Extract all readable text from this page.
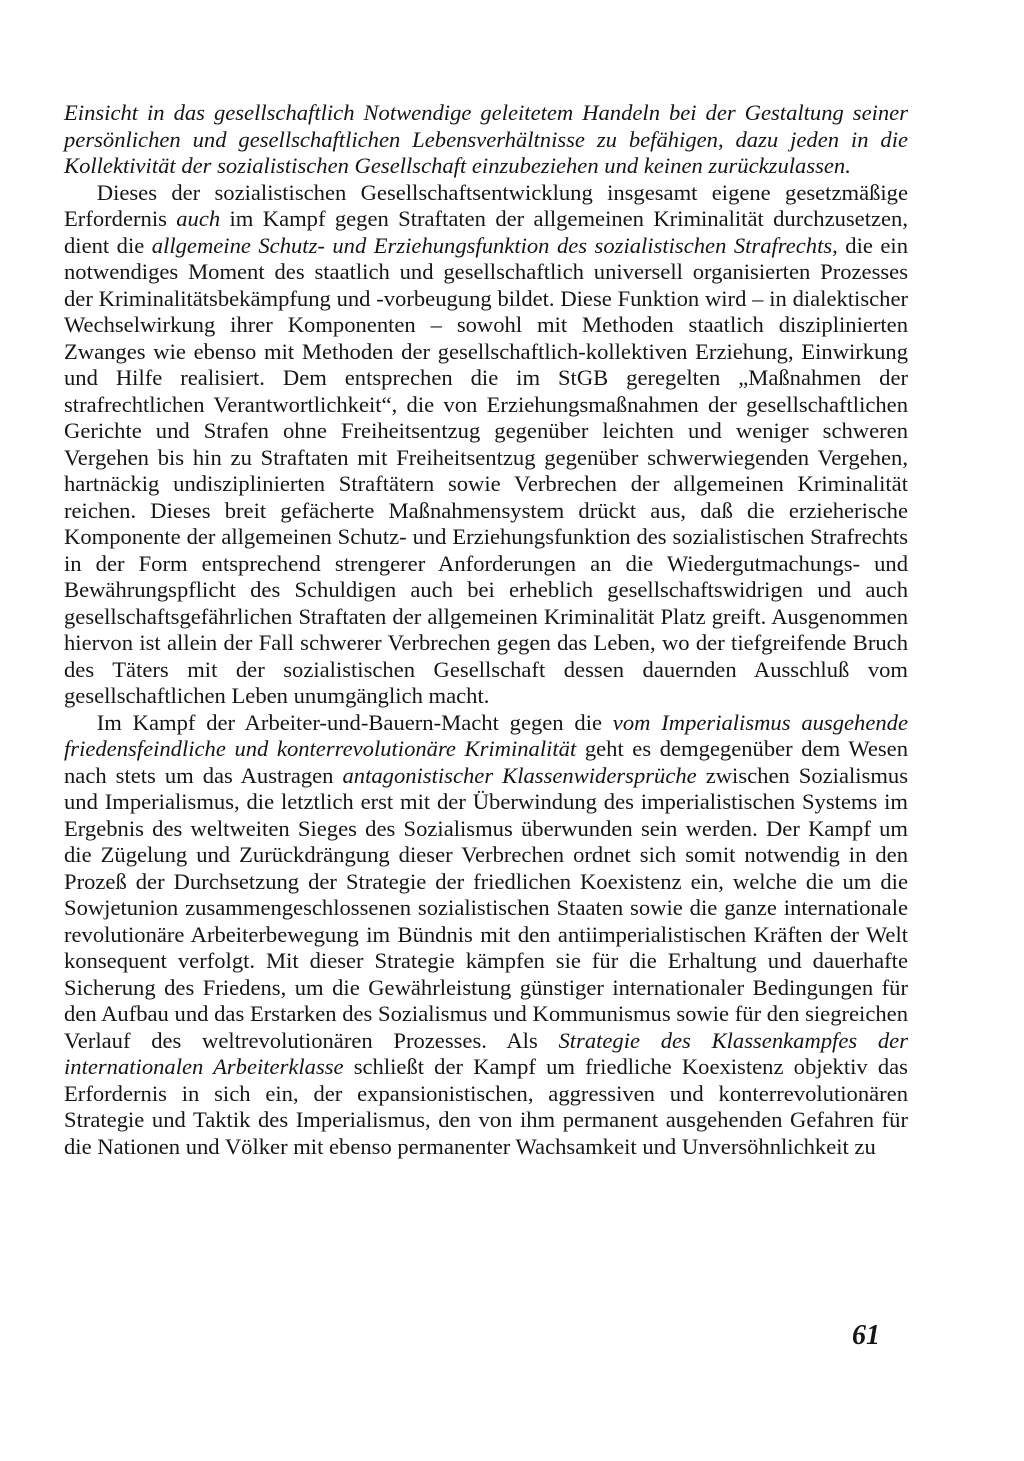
Einsicht in das gesellschaftlich Notwendige geleitetem Handeln bei der Gestaltung seiner persönlichen und gesellschaftlichen Lebensverhältnisse zu befähigen, dazu jeden in die Kollektivität der sozialistischen Gesellschaft einzubeziehen und keinen zurückzulassen.

Dieses der sozialistischen Gesellschaftsentwicklung insgesamt eigene gesetzmäßige Erfordernis auch im Kampf gegen Straftaten der allgemeinen Kriminalität durchzusetzen, dient die allgemeine Schutz- und Erziehungsfunktion des sozialistischen Strafrechts, die ein notwendiges Moment des staatlich und gesellschaftlich universell organisierten Prozesses der Kriminalitätsbekämpfung und -vorbeugung bildet. Diese Funktion wird – in dialektischer Wechselwirkung ihrer Komponenten – sowohl mit Methoden staatlich disziplinierten Zwanges wie ebenso mit Methoden der gesellschaftlich-kollektiven Erziehung, Einwirkung und Hilfe realisiert. Dem entsprechen die im StGB geregelten „Maßnahmen der strafrechtlichen Verantwortlichkeit“, die von Erziehungsmaßnahmen der gesellschaftlichen Gerichte und Strafen ohne Freiheitsentzug gegenüber leichten und weniger schweren Vergehen bis hin zu Straftaten mit Freiheitsentzug gegenüber schwerwiegenden Vergehen, hartnäckig undisziplinierten Straftätern sowie Verbrechen der allgemeinen Kriminalität reichen. Dieses breit gefächerte Maßnahmensystem drückt aus, daß die erzieherische Komponente der allgemeinen Schutz- und Erziehungsfunktion des sozialistischen Strafrechts in der Form entsprechend strengerer Anforderungen an die Wiedergutmachungs- und Bewährungspflicht des Schuldigen auch bei erheblich gesellschaftswidrigen und auch gesellschaftsgefährlichen Straftaten der allgemeinen Kriminalität Platz greift. Ausgenommen hiervon ist allein der Fall schwerer Verbrechen gegen das Leben, wo der tiefgreifende Bruch des Täters mit der sozialistischen Gesellschaft dessen dauernden Ausschluß vom gesellschaftlichen Leben unumgänglich macht.

Im Kampf der Arbeiter-und-Bauern-Macht gegen die vom Imperialismus ausgehende friedensfeindliche und konterrevolutionäre Kriminalität geht es demgegenüber dem Wesen nach stets um das Austragen antagonistischer Klassenwidersprüche zwischen Sozialismus und Imperialismus, die letztlich erst mit der Überwindung des imperialistischen Systems im Ergebnis des weltweiten Sieges des Sozialismus überwunden sein werden. Der Kampf um die Zügelung und Zurückdrängung dieser Verbrechen ordnet sich somit notwendig in den Prozeß der Durchsetzung der Strategie der friedlichen Koexistenz ein, welche die um die Sowjetunion zusammengeschlossenen sozialistischen Staaten sowie die ganze internationale revolutionäre Arbeiterbewegung im Bündnis mit den antiimperialistischen Kräften der Welt konsequent verfolgt. Mit dieser Strategie kämpfen sie für die Erhaltung und dauerhafte Sicherung des Friedens, um die Gewährleistung günstiger internationaler Bedingungen für den Aufbau und das Erstarken des Sozialismus und Kommunismus sowie für den siegreichen Verlauf des weltrevolutionären Prozesses. Als Strategie des Klassenkampfes der internationalen Arbeiterklasse schließt der Kampf um friedliche Koexistenz objektiv das Erfordernis in sich ein, der expansionistischen, aggressiven und konterrevolutionären Strategie und Taktik des Imperialismus, den von ihm permanent ausgehenden Gefahren für die Nationen und Völker mit ebenso permanenter Wachsamkeit und Unversöhnlichkeit zu

61
